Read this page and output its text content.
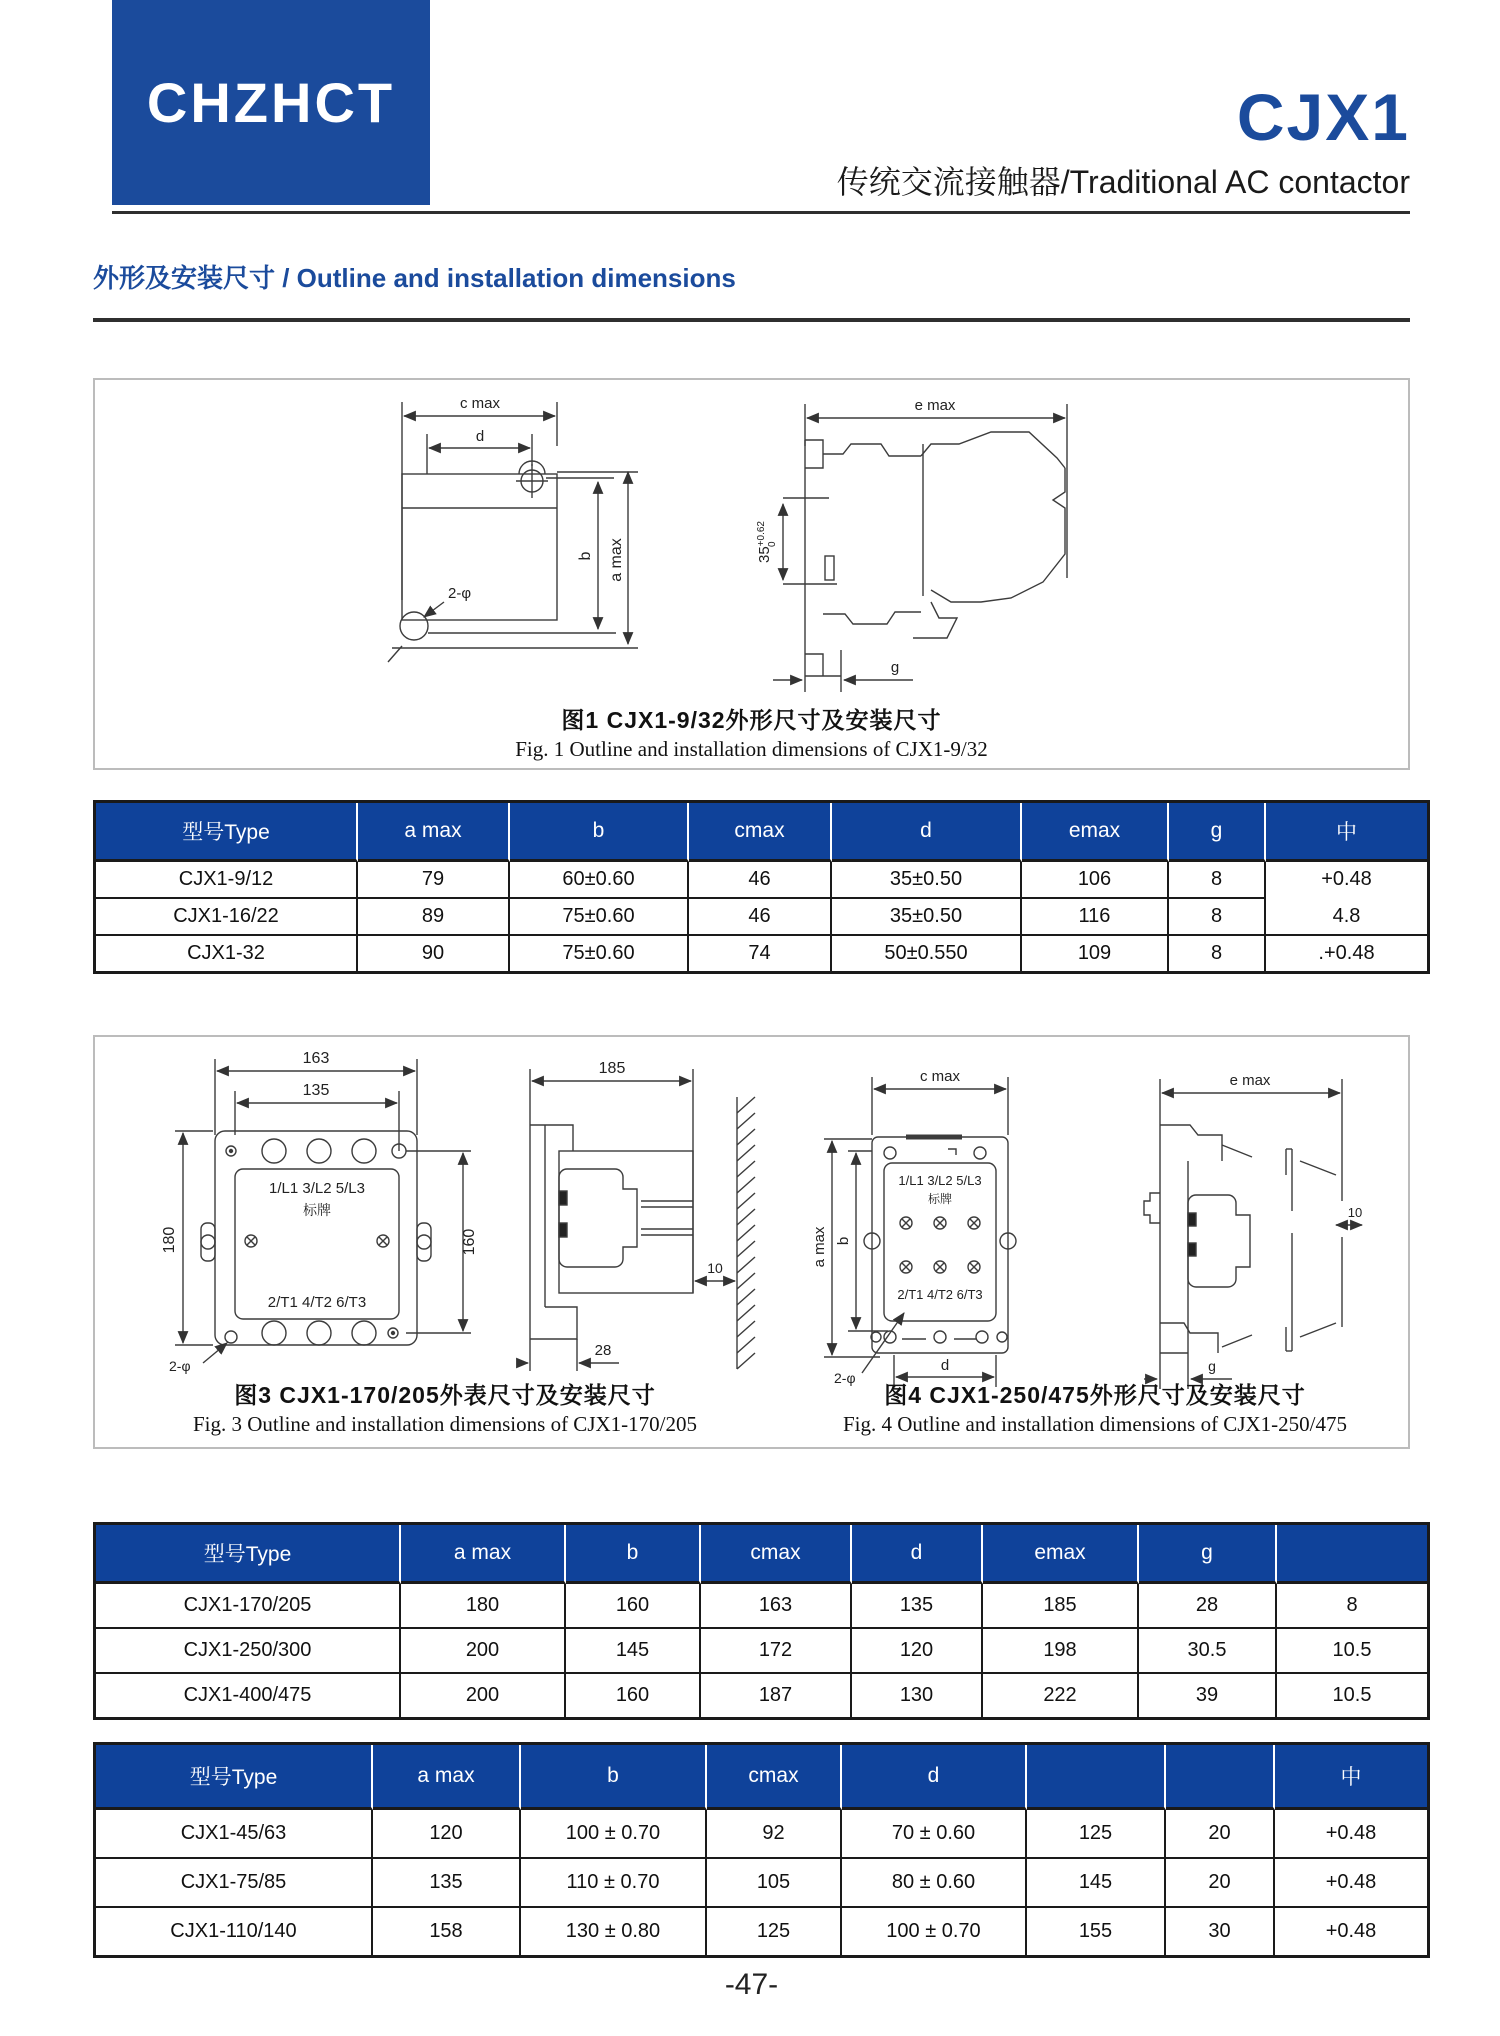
CHZHCT	CJX1
传统交流接触器/Traditional AC contactor
外形及安装尺寸 / Outline and installation dimensions
c max
d
2-φ
b a max
e max
$35^{+0.62}0$
g
图1 CJX1-9/32外形尺寸及安装尺寸
Fig. 1 Outline and installation dimensions of CJX1-9/32
型号Type	a max	b	cmax	d	emax	g	中
CJX1-9/12	79	60±0.60	46	35±0.50	106	8	+0.48
CJX1-16/22	89	75±0.60	46	35±0.50	116	8	4.8
CJX1-32	90	75±0.60	74	50±0.550	109	8	.+0.48
163
135
1/L1 3/L2 5/L3
标牌
2/T1 4/T2 6/T3
180	160
2-φ
185
10
28
c max
a max b
1/L1 3/L2 5/L3
标牌
2/T1 4/T2 6/T3
2-φ
d
e max
10
g
图3 CJX1-170/205外表尺寸及安装尺寸
Fig. 3 Outline and installation dimensions of CJX1-170/205
图4 CJX1-250/475外形尺寸及安装尺寸
Fig. 4 Outline and installation dimensions of CJX1-250/475
型号Type	a max	b	cmax	d	emax	g	
CJX1-170/205	180	160	163	135	185	28	8
CJX1-250/300	200	145	172	120	198	30.5	10.5
CJX1-400/475	200	160	187	130	222	39	10.5
型号Type	a max	b	cmax	d			中
CJX1-45/63	120	100 ± 0.70	92	70 ± 0.60	125	20	+0.48
CJX1-75/85	135	110 ± 0.70	105	80 ± 0.60	145	20	+0.48
CJX1-110/140	158	130 ± 0.80	125	100 ± 0.70	155	30	+0.48
-47-
